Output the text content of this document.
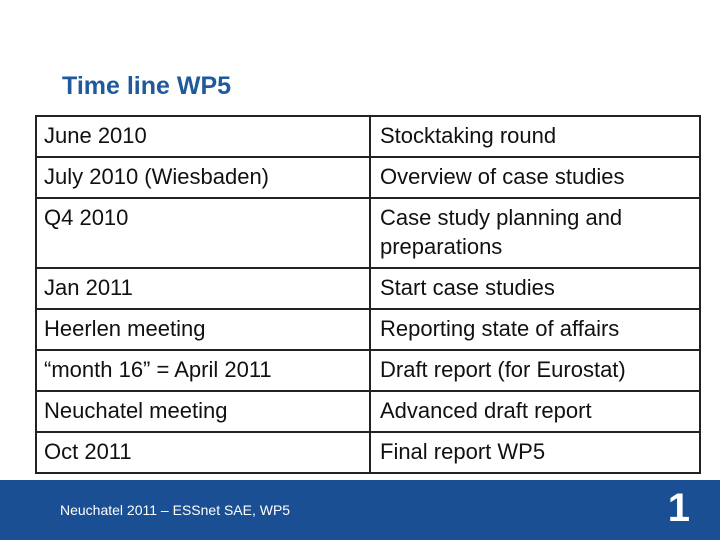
Time line WP5
June 2010	Stocktaking round
July 2010 (Wiesbaden)	Overview of case studies
Q4 2010	Case study planning and preparations
Jan 2011	Start case studies
Heerlen meeting	Reporting state of affairs
“month 16” = April 2011	Draft report (for Eurostat)
Neuchatel meeting	Advanced draft report
Oct 2011	Final report WP5
Neuchatel 2011 – ESSnet SAE, WP5	1
